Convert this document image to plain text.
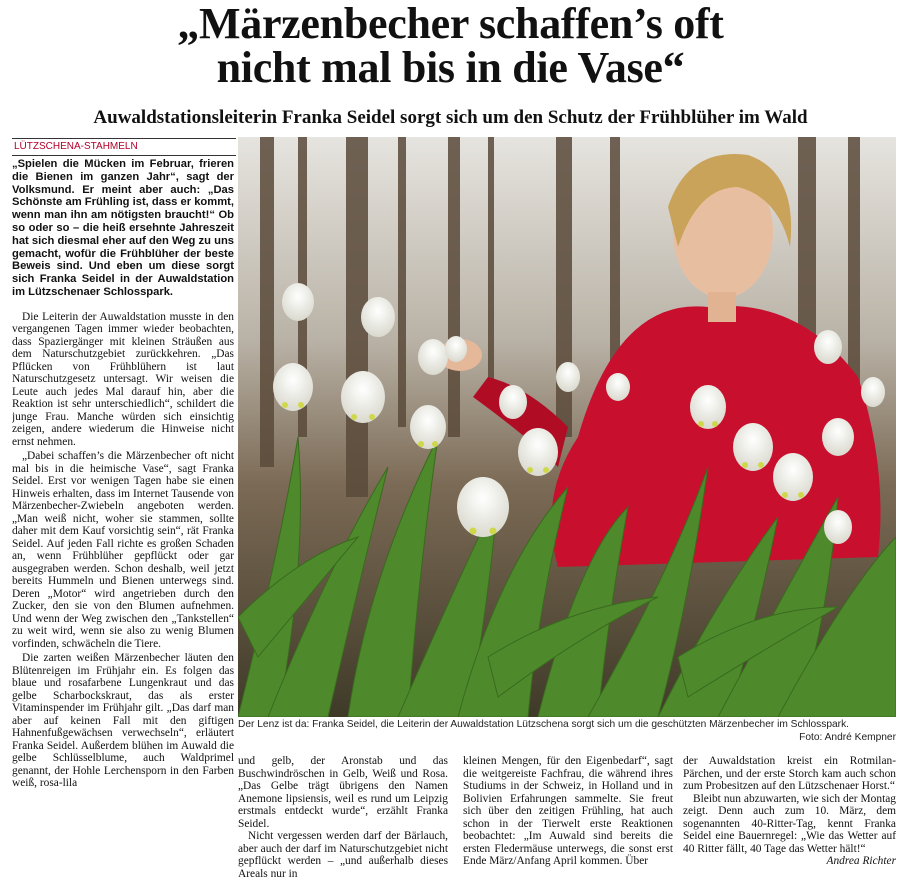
„Märzenbecher schaffen’s oft
nicht mal bis in die Vase“
Auwaldstationsleiterin Franka Seidel sorgt sich um den Schutz der Frühblüher im Wald
LÜTZSCHENA-STAHMELN

„Spielen die Mücken im Februar, frieren die Bienen im ganzen Jahr“, sagt der Volksmund. Er meint aber auch: „Das Schönste am Frühling ist, dass er kommt, wenn man ihn am nötigsten braucht!“ Ob so oder so – die heiß ersehnte Jahreszeit hat sich diesmal eher auf den Weg zu uns gemacht, wofür die Frühblüher der beste Beweis sind. Und eben um diese sorgt sich Franka Seidel in der Auwaldstation im Lützschenaer Schlosspark.

Die Leiterin der Auwaldstation musste in den vergangenen Tagen immer wieder beobachten, dass Spaziergänger mit kleinen Sträußen aus dem Naturschutzgebiet zurückkehren. „Das Pflücken von Frühblühern ist laut Naturschutzgesetz untersagt. Wir weisen die Leute auch jedes Mal darauf hin, aber die Reaktion ist sehr unterschiedlich“, schildert die junge Frau. Manche würden sich einsichtig zeigen, andere wiederum die Hinweise nicht ernst nehmen.

„Dabei schaffen’s die Märzenbecher oft nicht mal bis in die heimische Vase“, sagt Franka Seidel. Erst vor wenigen Tagen habe sie einen Hinweis erhalten, dass im Internet Tausende von Märzenbecher-Zwiebeln angeboten werden. „Man weiß nicht, woher sie stammen, sollte daher mit dem Kauf vorsichtig sein“, rät Franka Seidel. Auf jeden Fall richte es großen Schaden an, wenn Frühblüher gepflückt oder gar ausgegraben werden. Schon deshalb, weil jetzt bereits Hummeln und Bienen unterwegs sind. Deren „Motor“ wird angetrieben durch den Zucker, den sie von den Blumen aufnehmen. Und wenn der Weg zwischen den „Tankstellen“ zu weit wird, wenn sie also zu wenig Blumen vorfinden, schwächeln die Tiere.

Die zarten weißen Märzenbecher läuten den Blütenreigen im Frühjahr ein. Es folgen das blaue und rosafarbene Lungenkraut und das gelbe Scharbockskraut, das als erster Vitaminspender im Frühjahr gilt. „Das darf man aber auf keinen Fall mit den giftigen Hahnenfußgewächsen verwechseln“, erläutert Franka Seidel. Außerdem blühen im Auwald die gelbe Schlüsselblume, auch Waldprimel genannt, der Hohle Lerchensporn in den Farben weiß, rosa-lila

Der Lenz ist da: Franka Seidel, die Leiterin der Auwaldstation Lützschena sorgt sich um die geschützten Märzenbecher im Schlosspark.
Foto: André Kempner

und gelb, der Aronstab und das Buschwindröschen in Gelb, Weiß und Rosa. „Das Gelbe trägt übrigens den Namen Anemone lipsiensis, weil es rund um Leipzig erstmals entdeckt wurde“, erzählt Franka Seidel.

Nicht vergessen werden darf der Bärlauch, aber auch der darf im Naturschutzgebiet nicht gepflückt werden – „und außerhalb dieses Areals nur in

kleinen Mengen, für den Eigenbedarf“, sagt die weitgereiste Fachfrau, die während ihres Studiums in der Schweiz, in Holland und in Bolivien Erfahrungen sammelte. Sie freut sich über den zeitigen Frühling, hat auch schon in der Tierwelt erste Reaktionen beobachtet: „Im Auwald sind bereits die ersten Fledermäuse unterwegs, die sonst erst Ende März/Anfang April kommen. Über

der Auwaldstation kreist ein Rotmilan-Pärchen, und der erste Storch kam auch schon zum Probesitzen auf den Lützschenaer Horst.“

Bleibt nun abzuwarten, wie sich der Montag zeigt. Denn auch zum 10. März, dem sogenannten 40-Ritter-Tag, kennt Franka Seidel eine Bauernregel: „Wie das Wetter auf 40 Ritter fällt, 40 Tage das Wetter hält!“

Andrea Richter
